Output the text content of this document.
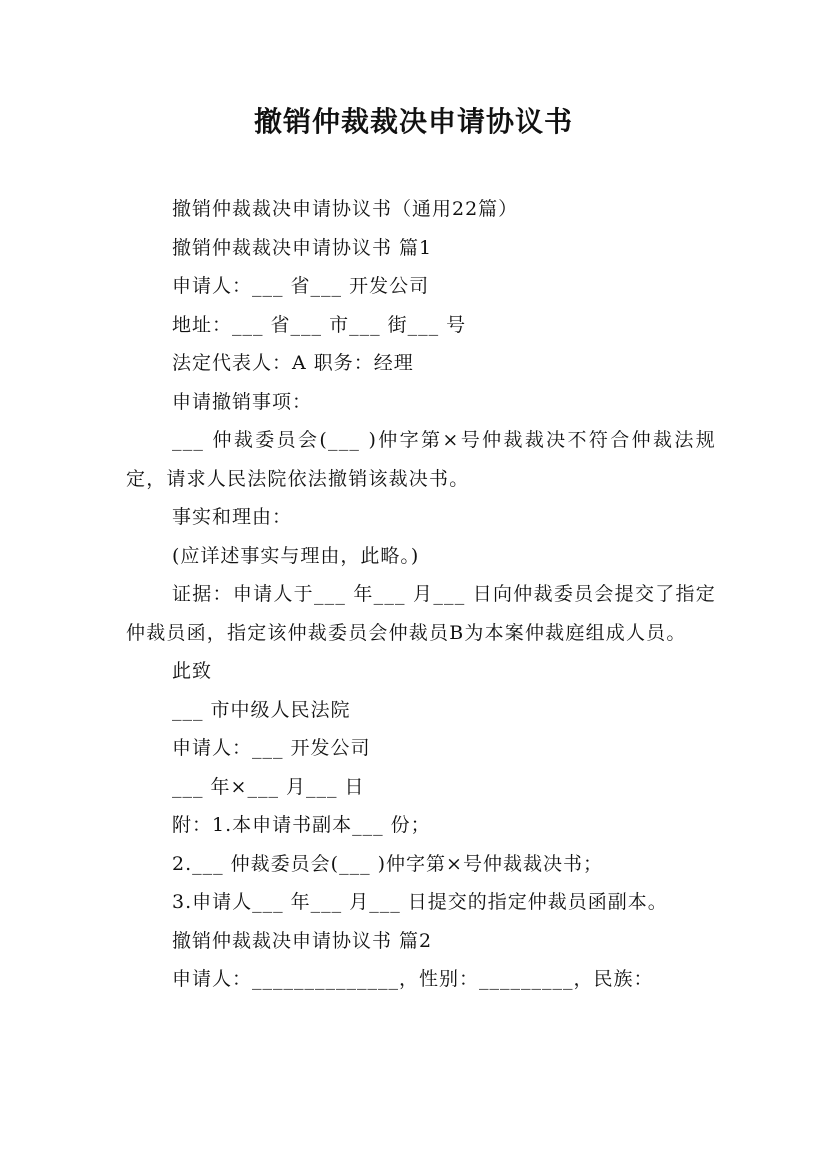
撤销仲裁裁决申请协议书
撤销仲裁裁决申请协议书（通用22篇）
撤销仲裁裁决申请协议书 篇1
申请人：___ 省___ 开发公司
地址：___ 省___ 市___ 街___ 号
法定代表人：A 职务：经理
申请撤销事项：
___ 仲裁委员会(___ )仲字第×号仲裁裁决不符合仲裁法规定，请求人民法院依法撤销该裁决书。
事实和理由：
(应详述事实与理由，此略。)
证据：申请人于___ 年___ 月___ 日向仲裁委员会提交了指定仲裁员函，指定该仲裁委员会仲裁员B为本案仲裁庭组成人员。
此致
___ 市中级人民法院
申请人：___ 开发公司
___ 年×___ 月___ 日
附：1.本申请书副本___ 份；
2.___ 仲裁委员会(___ )仲字第×号仲裁裁决书；
3.申请人___ 年___ 月___ 日提交的指定仲裁员函副本。
撤销仲裁裁决申请协议书 篇2
申请人：______________，性别：_________，民族：
